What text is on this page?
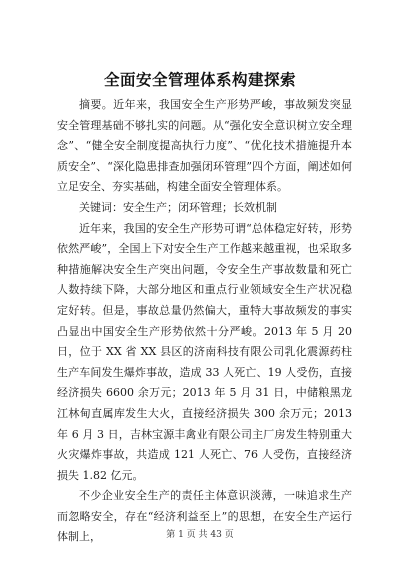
全面安全管理体系构建探索

摘要。近年来，我国安全生产形势严峻，事故频发突显安全管理基础不够扎实的问题。从“强化安全意识树立安全理念”、“健全安全制度提高执行力度”、“优化技术措施提升本质安全”、“深化隐患排查加强闭环管理”四个方面，阐述如何立足安全、夯实基础，构建全面安全管理体系。

关键词：安全生产；闭环管理；长效机制

近年来，我国的安全生产形势可谓“总体稳定好转，形势依然严峻”，全国上下对安全生产工作越来越重视，也采取多种措施解决安全生产突出问题，令安全生产事故数量和死亡人数持续下降，大部分地区和重点行业领域安全生产状况稳定好转。但是，事故总量仍然偏大，重特大事故频发的事实凸显出中国安全生产形势依然十分严峻。2013 年 5 月 20 日，位于 XX 省 XX 县区的济南科技有限公司乳化震源药柱生产车间发生爆炸事故，造成 33 人死亡、19 人受伤，直接经济损失 6600 余万元；2013 年 5 月 31 日，中储粮黑龙江林甸直属库发生大火，直接经济损失 300 余万元；2013 年 6 月 3 日，吉林宝源丰禽业有限公司主厂房发生特别重大火灾爆炸事故，共造成 121 人死亡、76 人受伤，直接经济损失 1.82 亿元。

不少企业安全生产的责任主体意识淡薄，一味追求生产而忽略安全，存在“经济利益至上”的思想，在安全生产运行体制上，	第 1 页 共 43 页
